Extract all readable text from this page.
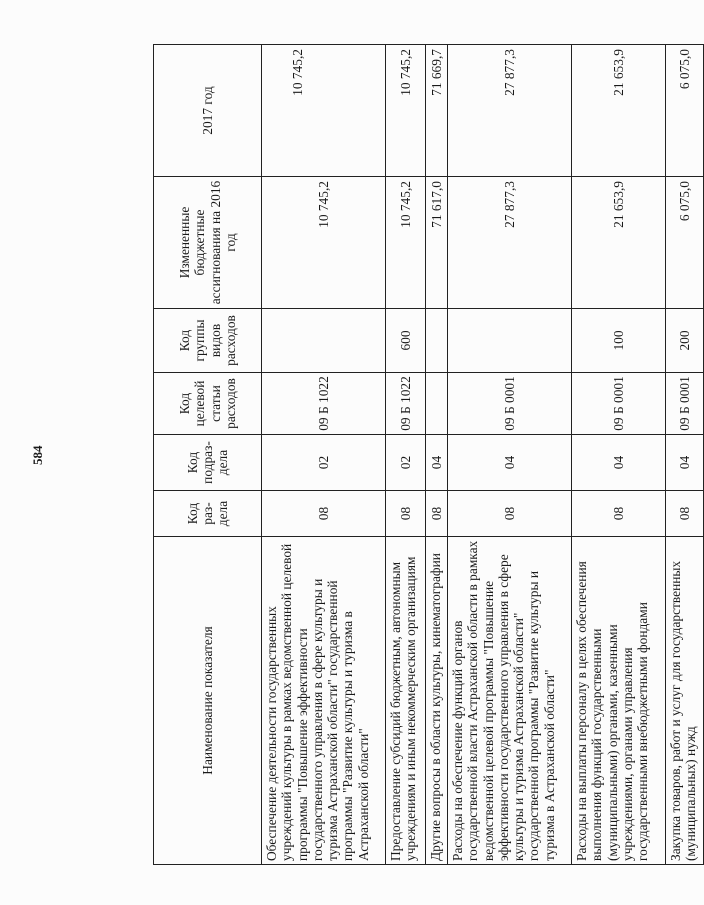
584
Наименование показателя	Код раз- дела	Код подраз- дела	Код целевой статьи расходов	Код группы видов расходов	Измененные бюджетные ассигнования на 2016 год	2017 год
Обеспечение деятельности государственных учреждений культуры в рамках ведомственной целевой программы "Повышение эффективности государственного управления в сфере культуры и туризма Астраханской области" государственной программы "Развитие культуры и туризма в Астраханской области"	08	02	09 Б 1022		10 745,2	10 745,2
Предоставление субсидий бюджетным, автономным учреждениям и иным некоммерческим организациям	08	02	09 Б 1022	600	10 745,2	10 745,2
Другие вопросы в области культуры, кинематографии	08	04			71 617,0	71 669,7
Расходы на обеспечение функций органов государственной власти Астраханской области в рамках ведомственной целевой программы "Повышение эффективности государственного управления в сфере культуры и туризма Астраханской области" государственной программы "Развитие культуры и туризма в Астраханской области"	08	04	09 Б 0001		27 877,3	27 877,3
Расходы на выплаты персоналу в целях обеспечения выполнения функций государственными (муниципальными) органами, казенными учреждениями, органами управления государственными внебюджетными фондами	08	04	09 Б 0001	100	21 653,9	21 653,9
Закупка товаров, работ и услуг для государственных (муниципальных) нужд	08	04	09 Б 0001	200	6 075,0	6 075,0
